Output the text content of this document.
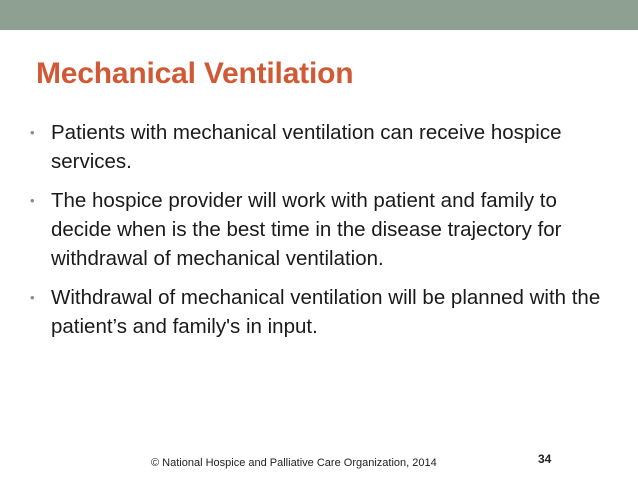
Mechanical Ventilation
• Patients with mechanical ventilation can receive hospice services.
• The hospice provider will work with patient and family to decide when is the best time in the disease trajectory for withdrawal of mechanical ventilation.
• Withdrawal of mechanical ventilation will be planned with the patient’s and family's in input.
© National Hospice and Palliative Care Organization, 2014	34
